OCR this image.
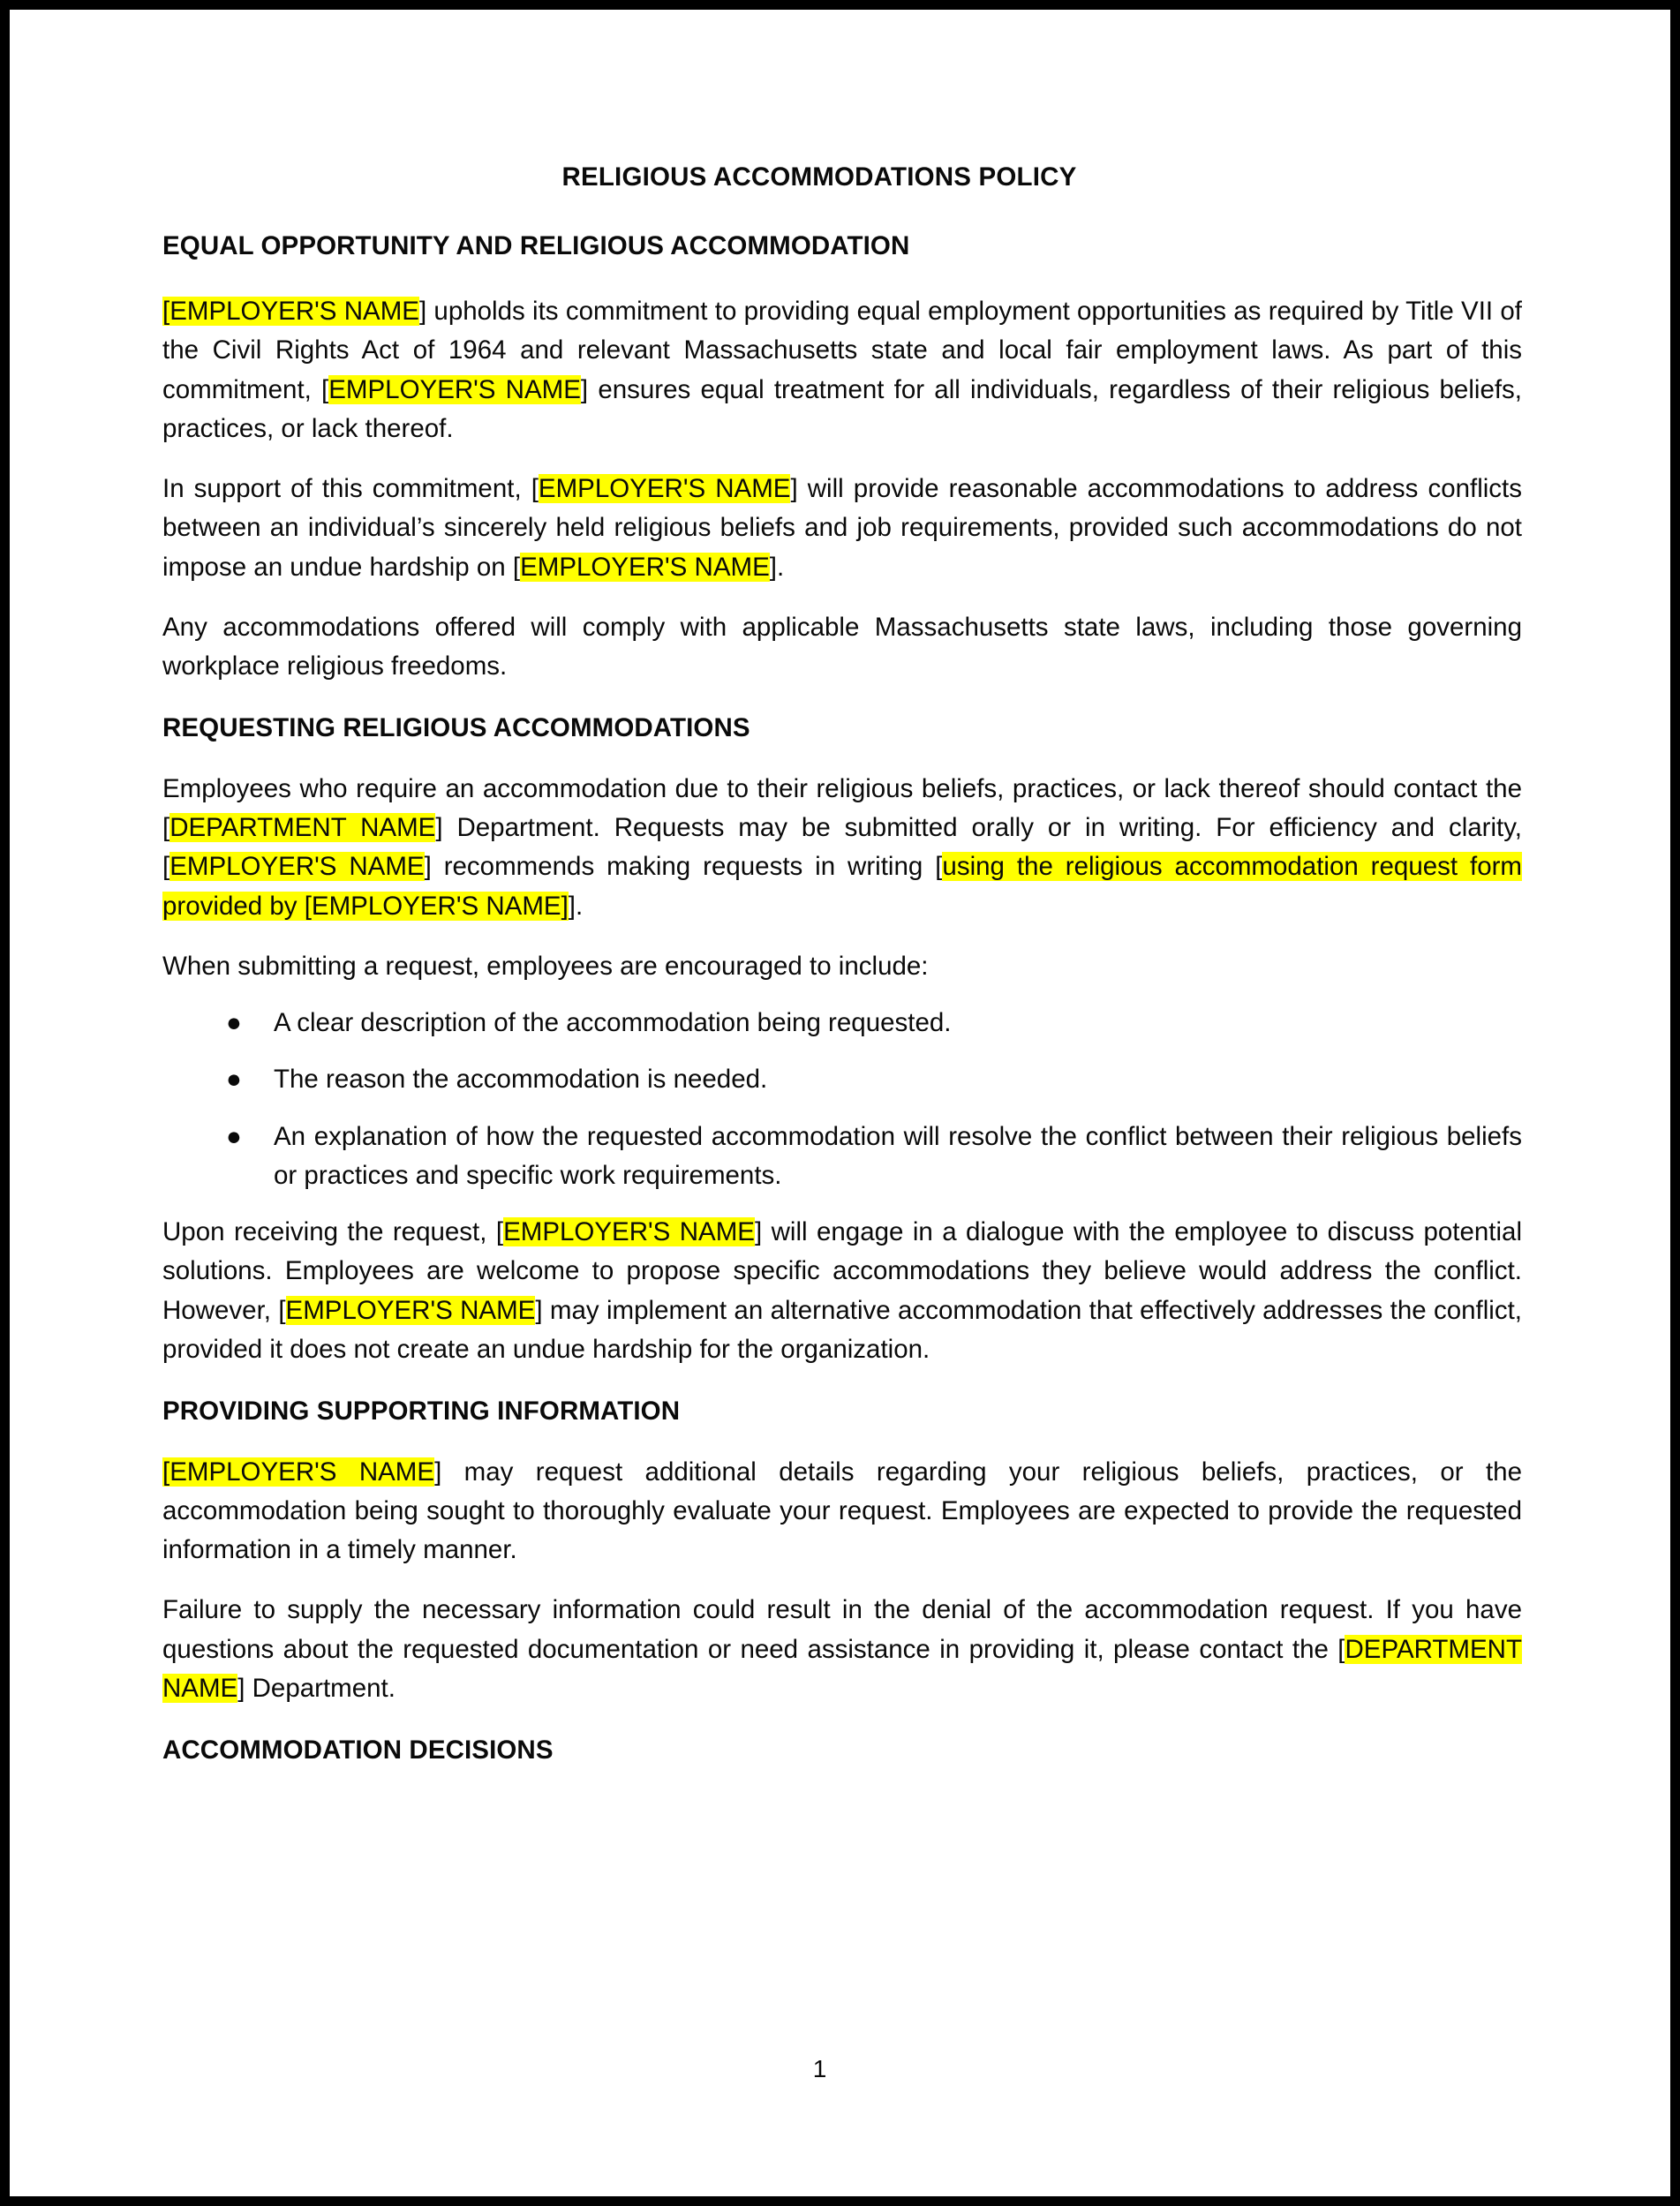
RELIGIOUS ACCOMMODATIONS POLICY
EQUAL OPPORTUNITY AND RELIGIOUS ACCOMMODATION

[EMPLOYER'S NAME] upholds its commitment to providing equal employment opportunities as required by Title VII of the Civil Rights Act of 1964 and relevant Massachusetts state and local fair employment laws. As part of this commitment, [EMPLOYER'S NAME] ensures equal treatment for all individuals, regardless of their religious beliefs, practices, or lack thereof.

In support of this commitment, [EMPLOYER'S NAME] will provide reasonable accommodations to address conflicts between an individual’s sincerely held religious beliefs and job requirements, provided such accommodations do not impose an undue hardship on [EMPLOYER'S NAME].

Any accommodations offered will comply with applicable Massachusetts state laws, including those governing workplace religious freedoms.

REQUESTING RELIGIOUS ACCOMMODATIONS

Employees who require an accommodation due to their religious beliefs, practices, or lack thereof should contact the [DEPARTMENT NAME] Department. Requests may be submitted orally or in writing. For efficiency and clarity, [EMPLOYER'S NAME] recommends making requests in writing [using the religious accommodation request form provided by [EMPLOYER'S NAME]].

When submitting a request, employees are encouraged to include:

● A clear description of the accommodation being requested.
● The reason the accommodation is needed.
● An explanation of how the requested accommodation will resolve the conflict between their religious beliefs or practices and specific work requirements.

Upon receiving the request, [EMPLOYER'S NAME] will engage in a dialogue with the employee to discuss potential solutions. Employees are welcome to propose specific accommodations they believe would address the conflict. However, [EMPLOYER'S NAME] may implement an alternative accommodation that effectively addresses the conflict, provided it does not create an undue hardship for the organization.

PROVIDING SUPPORTING INFORMATION

[EMPLOYER'S NAME] may request additional details regarding your religious beliefs, practices, or the accommodation being sought to thoroughly evaluate your request. Employees are expected to provide the requested information in a timely manner.

Failure to supply the necessary information could result in the denial of the accommodation request. If you have questions about the requested documentation or need assistance in providing it, please contact the [DEPARTMENT NAME] Department.

ACCOMMODATION DECISIONS
1
